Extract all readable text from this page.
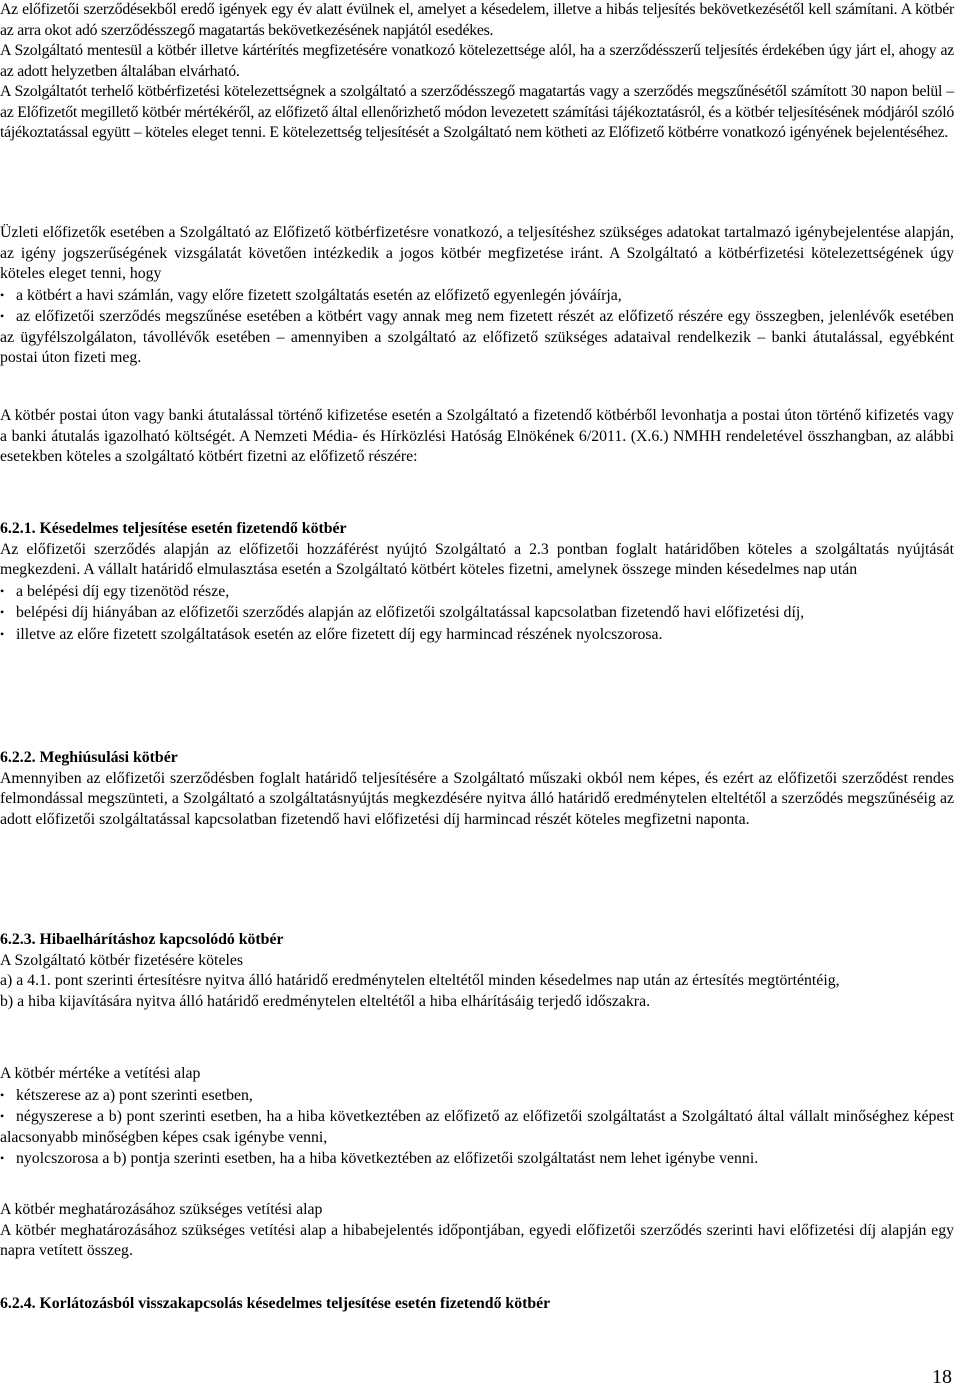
Az előfizetői szerződésekből eredő igények egy év alatt évülnek el, amelyet a késedelem, illetve a hibás teljesítés bekövetkezésétől kell számítani. A kötbér az arra okot adó szerződésszegő magatartás bekövetkezésének napjától esedékes.

A Szolgáltató mentesül a kötbér illetve kártérítés megfizetésére vonatkozó kötelezettsége alól, ha a szerződésszerű teljesítés érdekében úgy járt el, ahogy az az adott helyzetben általában elvárható.

A Szolgáltatót terhelő kötbérfizetési kötelezettségnek a szolgáltató a szerződésszegő magatartás vagy a szerződés megszűnésétől számított 30 napon belül – az Előfizetőt megillető kötbér mértékéről, az előfizető által ellenőrizhető módon levezetett számítási tájékoztatásról, és a kötbér teljesítésének módjáról szóló tájékoztatással együtt – köteles eleget tenni. E kötelezettség teljesítését a Szolgáltató nem kötheti az Előfizető kötbérre vonatkozó igényének bejelentéséhez.

Üzleti előfizetők esetében a Szolgáltató az Előfizető kötbérfizetésre vonatkozó, a teljesítéshez szükséges adatokat tartalmazó igénybejelentése alapján, az igény jogszerűségének vizsgálatát követően intézkedik a jogos kötbér megfizetése iránt. A Szolgáltató a kötbérfizetési kötelezettségének úgy köteles eleget tenni, hogy

• a kötbért a havi számlán, vagy előre fizetett szolgáltatás esetén az előfizető egyenlegén jóváírja,
• az előfizetői szerződés megszűnése esetében a kötbért vagy annak meg nem fizetett részét az előfizető részére egy összegben, jelenlévők esetében az ügyfélszolgálaton, távollévők esetében – amennyiben a szolgáltató az előfizető szükséges adataival rendelkezik – banki átutalással, egyébként postai úton fizeti meg.

A kötbér postai úton vagy banki átutalással történő kifizetése esetén a Szolgáltató a fizetendő kötbérből levonhatja a postai úton történő kifizetés vagy a banki átutalás igazolható költségét. A Nemzeti Média- és Hírközlési Hatóság Elnökének 6/2011. (X.6.) NMHH rendeletével összhangban, az alábbi esetekben köteles a szolgáltató kötbért fizetni az előfizető részére:

6.2.1. Késedelmes teljesítése esetén fizetendő kötbér

Az előfizetői szerződés alapján az előfizetői hozzáférést nyújtó Szolgáltató a 2.3 pontban foglalt határidőben köteles a szolgáltatás nyújtását megkezdeni. A vállalt határidő elmulasztása esetén a Szolgáltató kötbért köteles fizetni, amelynek összege minden késedelmes nap után

• a belépési díj egy tizenötöd része,
• belépési díj hiányában az előfizetői szerződés alapján az előfizetői szolgáltatással kapcsolatban fizetendő havi előfizetési díj,
• illetve az előre fizetett szolgáltatások esetén az előre fizetett díj egy harmincad részének nyolcszorosa.

6.2.2. Meghiúsulási kötbér

Amennyiben az előfizetői szerződésben foglalt határidő teljesítésére a Szolgáltató műszaki okból nem képes, és ezért az előfizetői szerződést rendes felmondással megszünteti, a Szolgáltató a szolgáltatásnyújtás megkezdésére nyitva álló határidő eredménytelen elteltétől a szerződés megszűnéséig az adott előfizetői szolgáltatással kapcsolatban fizetendő havi előfizetési díj harmincad részét köteles megfizetni naponta.

6.2.3. Hibaelhárításhoz kapcsolódó kötbér

A Szolgáltató kötbér fizetésére köteles

a) a 4.1. pont szerinti értesítésre nyitva álló határidő eredménytelen elteltétől minden késedelmes nap után az értesítés megtörténtéig,

b) a hiba kijavítására nyitva álló határidő eredménytelen elteltétől a hiba elhárításáig terjedő időszakra.

A kötbér mértéke a vetítési alap

• kétszerese az a) pont szerinti esetben,
• négyszerese a b) pont szerinti esetben, ha a hiba következtében az előfizető az előfizetői szolgáltatást a Szolgáltató által vállalt minőséghez képest alacsonyabb minőségben képes csak igénybe venni,
• nyolcszorosa a b) pontja szerinti esetben, ha a hiba következtében az előfizetői szolgáltatást nem lehet igénybe venni.

A kötbér meghatározásához szükséges vetítési alap

A kötbér meghatározásához szükséges vetítési alap a hibabejelentés időpontjában, egyedi előfizetői szerződés szerinti havi előfizetési díj alapján egy napra vetített összeg.

6.2.4. Korlátozásból visszakapcsolás késedelmes teljesítése esetén fizetendő kötbér

18
